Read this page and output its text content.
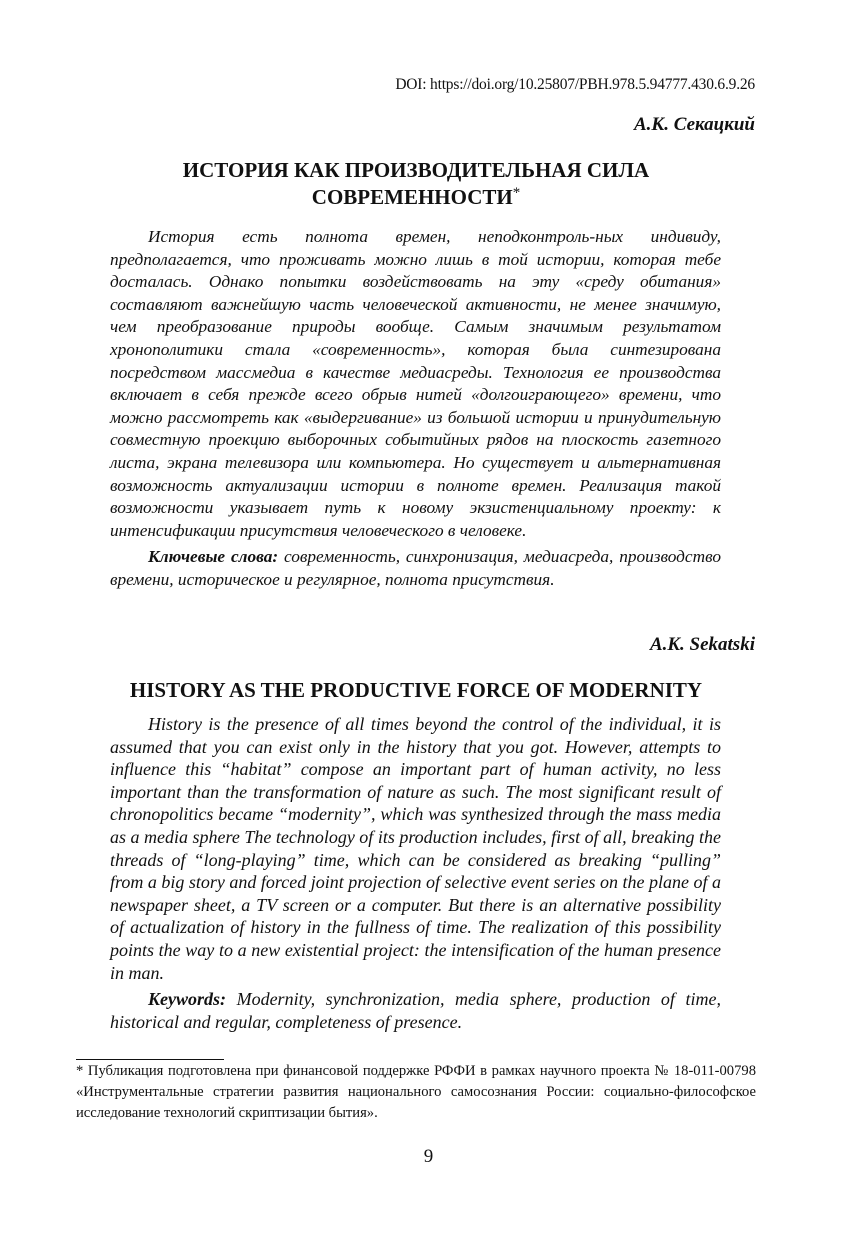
DOI: https://doi.org/10.25807/PBH.978.5.94777.430.6.9.26
А.К. Секацкий
ИСТОРИЯ КАК ПРОИЗВОДИТЕЛЬНАЯ СИЛА
СОВРЕМЕННОСТИ*

История есть полнота времен, неподконтроль-ных индивиду, предполагается, что проживать можно лишь в той истории, которая тебе досталась. Однако попытки воздействовать на эту «среду обитания» составляют важнейшую часть человеческой активности, не менее значимую, чем преобразование природы вообще. Самым значимым результатом хронополитики стала «современность», которая была синтезирована посредством массмедиа в качестве медиасреды. Технология ее производства включает в себя прежде всего обрыв нитей «долгоиграющего» времени, что можно рассмотреть как «выдергивание» из большой истории и принудительную совместную проекцию выборочных событийных рядов на плоскость газетного листа, экрана телевизора или компьютера. Но существует и альтернативная возможность актуализации истории в полноте времен. Реализация такой возможности указывает путь к новому экзистенциальному проекту: к интенсификации присутствия человеческого в человеке.

Ключевые слова: современность, синхронизация, медиасреда, производство времени, историческое и регулярное, полнота присутствия.

A.K. Sekatski
HISTORY AS THE PRODUCTIVE FORCE OF MODERNITY

History is the presence of all times beyond the control of the individual, it is assumed that you can exist only in the history that you got. However, attempts to influence this “habitat” compose an important part of human activity, no less important than the transformation of nature as such. The most significant result of chronopolitics became “modernity”, which was synthesized through the mass media as a media sphere The technology of its production includes, first of all, breaking the threads of “long-playing” time, which can be considered as breaking “pulling” from a big story and forced joint projection of selective event series on the plane of a newspaper sheet, a TV screen or a computer. But there is an alternative possibility of actualization of history in the fullness of time. The realization of this possibility points the way to a new existential project: the intensification of the human presence in man.

Keywords: Modernity, synchronization, media sphere, production of time, historical and regular, completeness of presence.

* Публикация подготовлена при финансовой поддержке РФФИ в рамках научного проекта № 18-011-00798 «Инструментальные стратегии развития национального самосознания России: социально-философское исследование технологий скриптизации бытия».
9
